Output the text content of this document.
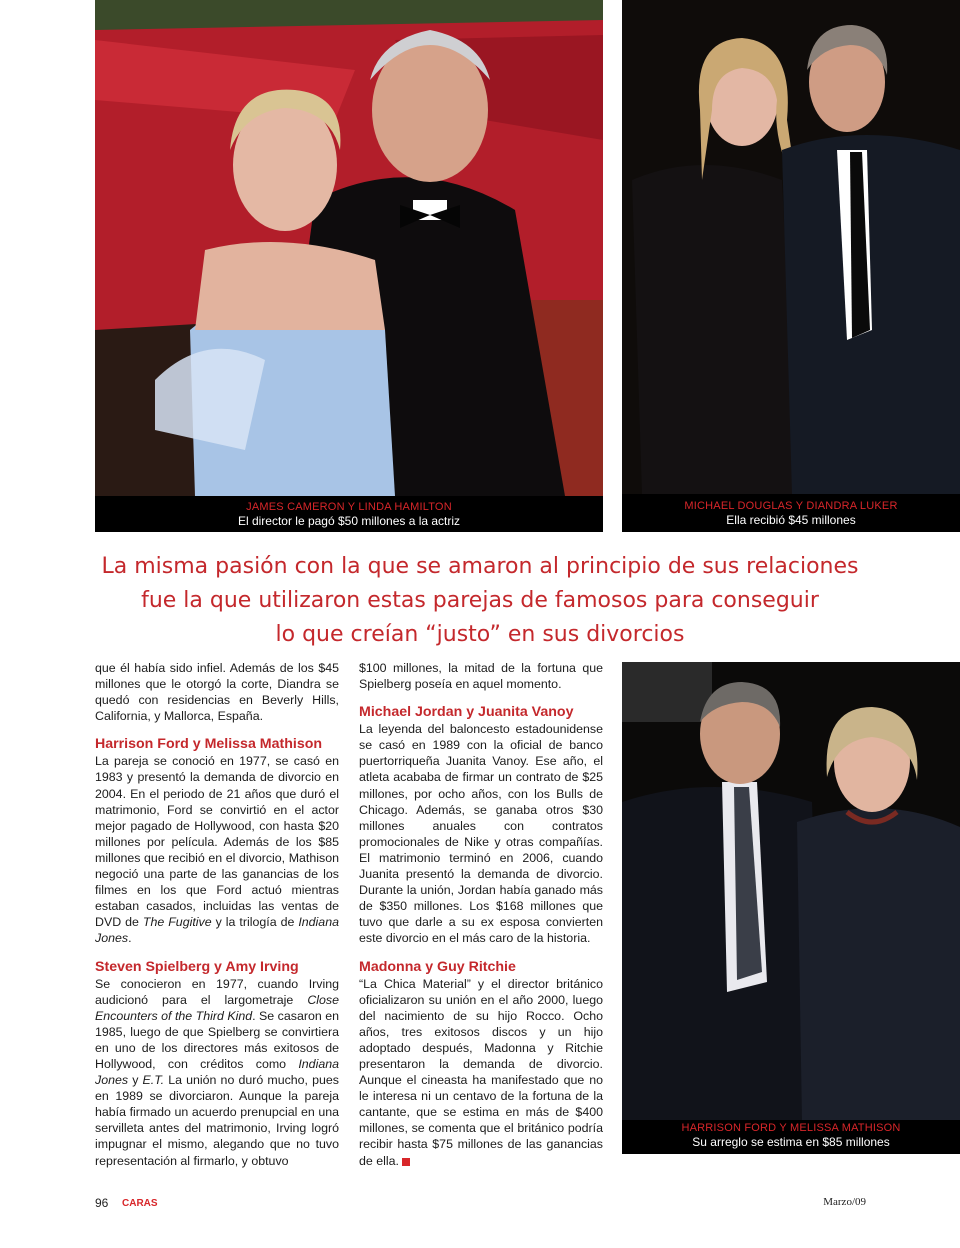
JAMES CAMERON Y LINDA HAMILTON
El director le pagó $50 millones a la actriz
MICHAEL DOUGLAS Y DIANDRA LUKER
Ella recibió $45 millones
La misma pasión con la que se amaron al principio de sus relaciones
fue la que utilizaron estas parejas de famosos para conseguir
lo que creían “justo” en sus divorcios

que él había sido infiel. Además de los $45 millones que le otorgó la corte, Diandra se quedó con residencias en Beverly Hills, California, y Mallorca, España.

Harrison Ford y Melissa Mathison

La pareja se conoció en 1977, se casó en 1983 y presentó la demanda de divorcio en 2004. En el periodo de 21 años que duró el matrimonio, Ford se convirtió en el actor mejor pagado de Hollywood, con hasta $20 millones por película. Además de los $85 millones que recibió en el divorcio, Mathison negoció una parte de las ganancias de los filmes en los que Ford actuó mientras estaban casados, incluidas las ventas de DVD de The Fugitive y la trilogía de Indiana Jones.

Steven Spielberg y Amy Irving

Se conocieron en 1977, cuando Irving audicionó para el largometraje Close Encounters of the Third Kind. Se casaron en 1985, luego de que Spielberg se convirtiera en uno de los directores más exitosos de Hollywood, con créditos como Indiana Jones y E.T. La unión no duró mucho, pues en 1989 se divorciaron. Aunque la pareja había firmado un acuerdo prenupcial en una servilleta antes del matrimonio, Irving logró impugnar el mismo, alegando que no tuvo representación al firmarlo, y obtuvo

$100 millones, la mitad de la fortuna que Spielberg poseía en aquel momento.

Michael Jordan y Juanita Vanoy

La leyenda del baloncesto estadounidense se casó en 1989 con la oficial de banco puertorriqueña Juanita Vanoy. Ese año, el atleta acababa de firmar un contrato de $25 millones, por ocho años, con los Bulls de Chicago. Además, se ganaba otros $30 millones anuales con contratos promocionales de Nike y otras compañías. El matrimonio terminó en 2006, cuando Juanita presentó la demanda de divorcio. Durante la unión, Jordan había ganado más de $350 millones. Los $168 millones que tuvo que darle a su ex esposa convierten este divorcio en el más caro de la historia.

Madonna y Guy Ritchie

“La Chica Material” y el director británico oficializaron su unión en el año 2000, luego del nacimiento de su hijo Rocco. Ocho años, tres exitosos discos y un hijo adoptado después, Madonna y Ritchie presentaron la demanda de divorcio. Aunque el cineasta ha manifestado que no le interesa ni un centavo de la fortuna de la cantante, que se estima en más de $400 millones, se comenta que el británico podría recibir hasta $75 millones de las ganancias de ella.

HARRISON FORD Y MELISSA MATHISON
Su arreglo se estima en $85 millones
96 CARAS	Marzo/09
